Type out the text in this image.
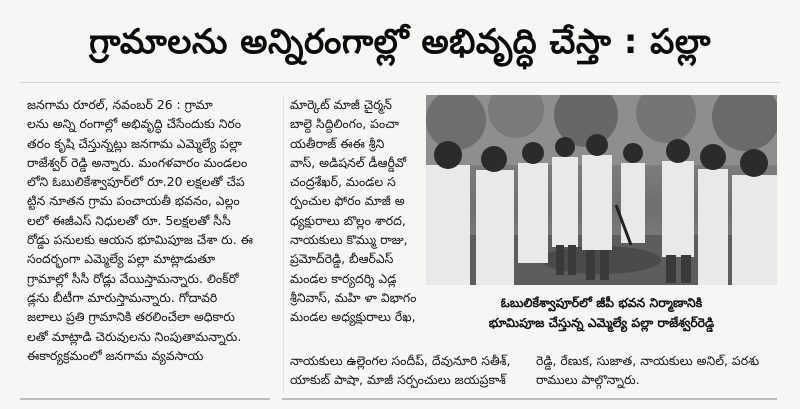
గ్రామాలను అన్నిరంగాల్లో అభివృద్ధి చేస్తా : పల్లా

జనగామ రూరల్, నవంబర్ 26 : గ్రామా

లను అన్ని రంగాల్లో అభివృద్ధి చేసేందుకు నిరం

తరం కృషి చేస్తున్నట్లు జనగామ ఎమ్మెల్యే పల్లా

రాజేశ్వర్ రెడ్డి అన్నారు. మంగళవారం మండలం

లోని ఓబులికేశ్వాపూర్‌లో రూ.20 లక్షలతో చేప

ట్టిన నూతన గ్రామ పంచాయతీ భవనం, ఎల్లం

లలో ఈజీఎస్ నిధులతో రూ. 5లక్షలతో సీసీ

రోడ్డు పనులకు ఆయన భూమిపూజ చేశా రు. ఈ

సందర్భంగా ఎమ్మెల్యే పల్లా మాట్లాడుతూ

గ్రామాల్లో సీసీ రోడ్లు వేయిస్తామన్నారు. లింక్‌రో

డ్లను బీటీగా మారుస్తామన్నారు. గోదావరి

జలాలు ప్రతి గ్రామానికి తరలించేలా అధికారు

లతో మాట్లాడి చెరువులను నింపుతామన్నారు.

ఈకార్యక్రమంలో జనగామ వ్యవసాయ

మార్కెట్ మాజీ చైర్మన్

బాల్దె సిద్దిలింగం, పంచా

యతీరాజ్ ఈఈ శ్రీని

వాస్, అడిషనల్ డీఆర్డీవో

చంద్రశేఖర్, మండల స

ర్పంచుల ఫోరం మాజీ అ

ధ్యక్షురాలు బొల్లం శారద,

నాయకులు కొమ్ము రాజు,

ప్రమోద్‌రెడ్డి, బీఆర్ఎస్

మండల కార్యదర్శి ఎడ్ల

శ్రీనివాస్, మహి ళా విభాగం

మండల అధ్యక్షురాలు రేఖ,

ఓబులికేశ్వాపూర్‌లో జీపీ భవన నిర్మాణానికి
భూమిపూజ చేస్తున్న ఎమ్మెల్యే పల్లా రాజేశ్వర్‌రెడ్డి
నాయకులు ఉల్లెంగల సందీప్, దేవునూరి సతీశ్,
యాకుబ్ పాషా, మాజీ సర్పంచులు జయప్రకాశ్
రెడ్డి, రేణుక, సుజాత, నాయకులు అనిల్, పరశు
రాములు పాల్గొన్నారు.
